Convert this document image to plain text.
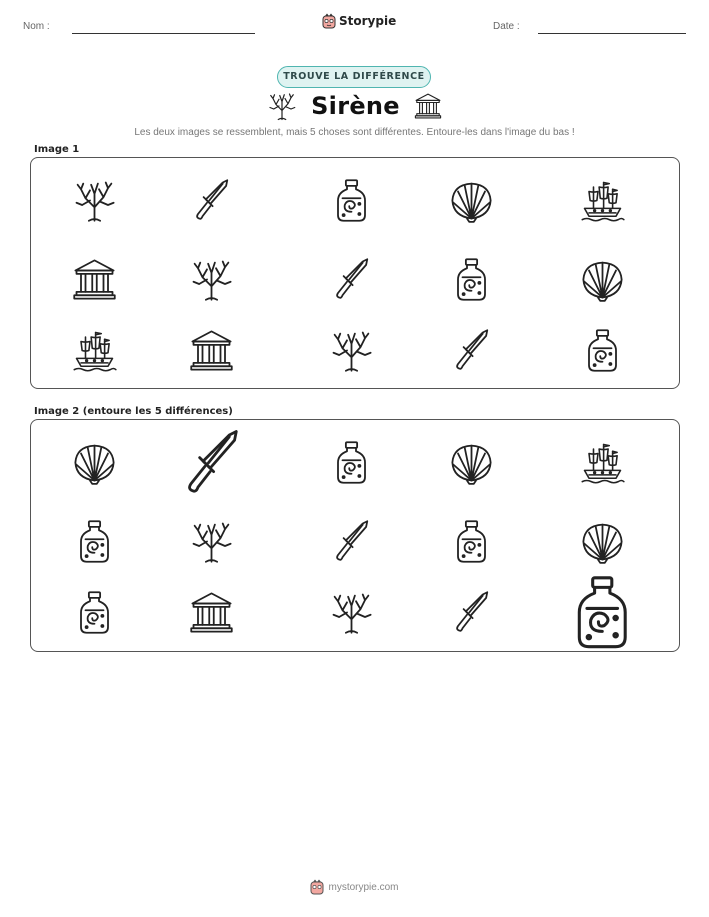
Nom :	Storypie	Date :
TROUVE LA DIFFÉRENCE
Sirène
Les deux images se ressemblent, mais 5 choses sont différentes. Entoure-les dans l'image du bas !
Image 1
Image 2 (entoure les 5 différences)
mystorypie.com
